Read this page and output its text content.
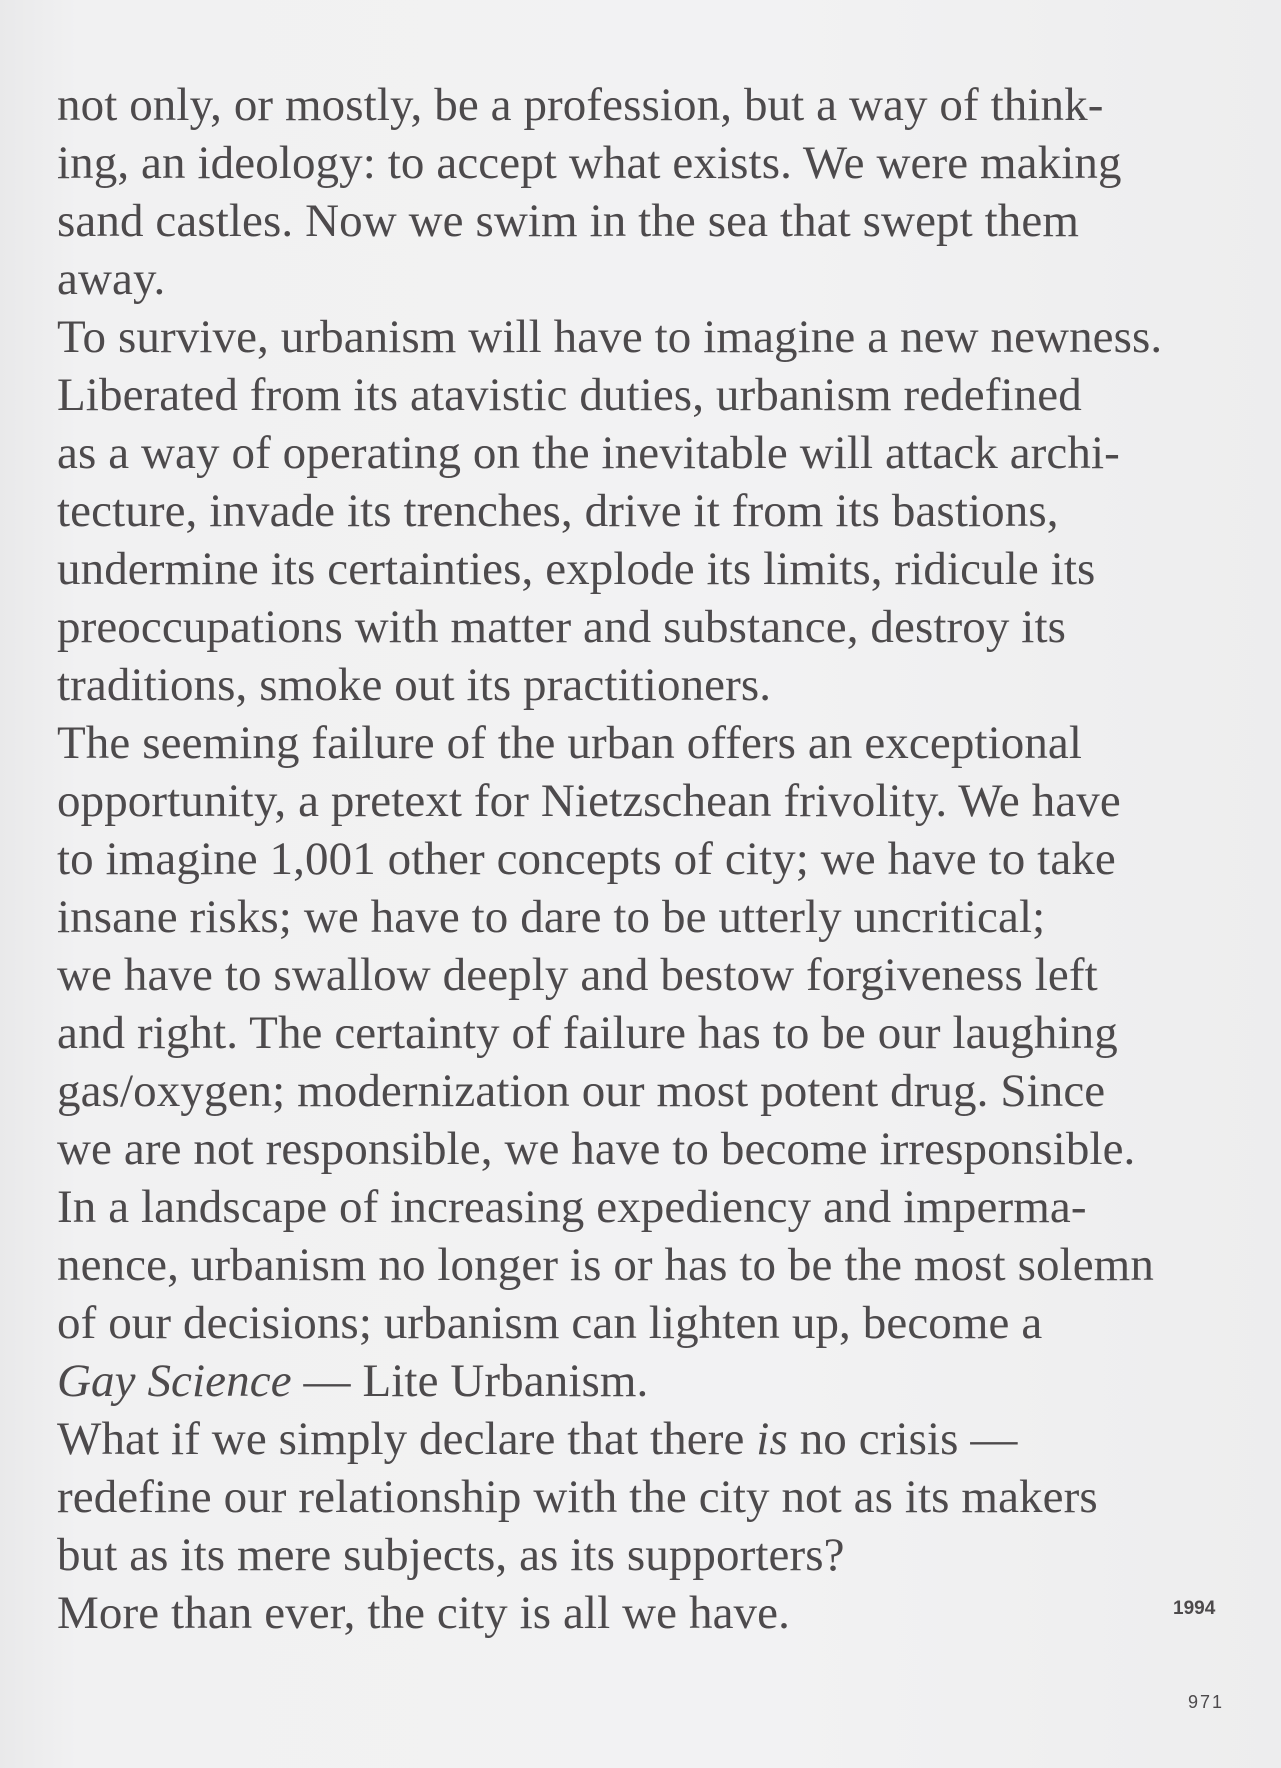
not only, or mostly, be a profession, but a way of think-
ing, an ideology: to accept what exists. We were making
sand castles. Now we swim in the sea that swept them
away.
To survive, urbanism will have to imagine a new newness.
Liberated from its atavistic duties, urbanism redefined
as a way of operating on the inevitable will attack archi-
tecture, invade its trenches, drive it from its bastions,
undermine its certainties, explode its limits, ridicule its
preoccupations with matter and substance, destroy its
traditions, smoke out its practitioners.
The seeming failure of the urban offers an exceptional
opportunity, a pretext for Nietzschean frivolity. We have
to imagine 1,001 other concepts of city; we have to take
insane risks; we have to dare to be utterly uncritical;
we have to swallow deeply and bestow forgiveness left
and right. The certainty of failure has to be our laughing
gas/oxygen; modernization our most potent drug. Since
we are not responsible, we have to become irresponsible.
In a landscape of increasing expediency and imperma-
nence, urbanism no longer is or has to be the most solemn
of our decisions; urbanism can lighten up, become a
Gay Science — Lite Urbanism.
What if we simply declare that there is no crisis —
redefine our relationship with the city not as its makers
but as its mere subjects, as its supporters?
More than ever, the city is all we have.	1994
971
